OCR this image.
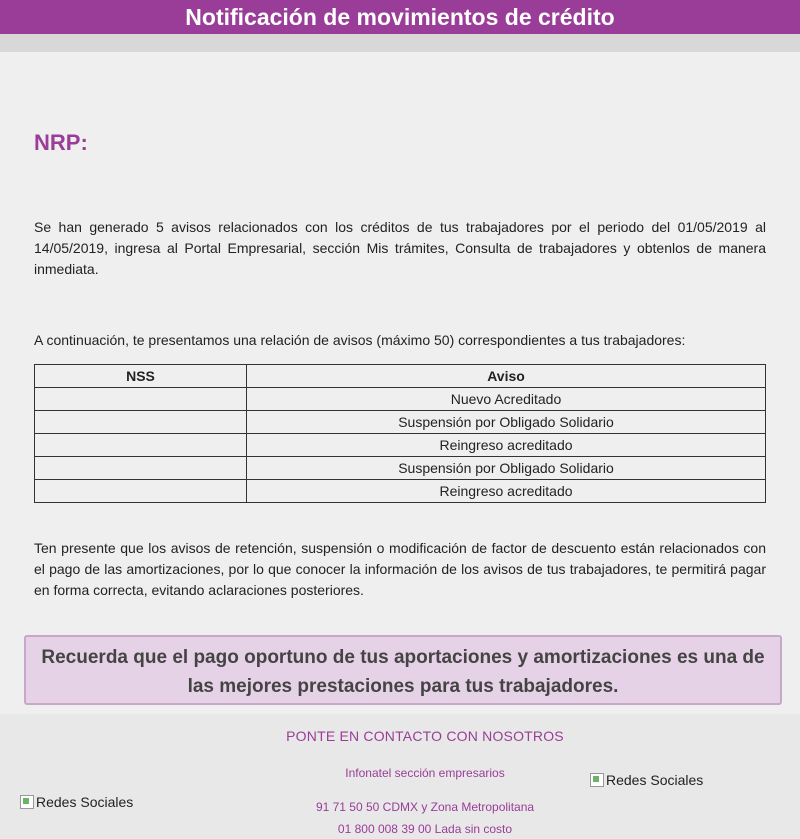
Notificación de movimientos de crédito
NRP:
Se han generado 5 avisos relacionados con los créditos de tus trabajadores por el periodo del 01/05/2019 al 14/05/2019, ingresa al Portal Empresarial, sección Mis trámites, Consulta de trabajadores y obtenlos de manera inmediata.
A continuación, te presentamos una relación de avisos (máximo 50) correspondientes a tus trabajadores:
NSS	Aviso
	Nuevo Acreditado
	Suspensión por Obligado Solidario
	Reingreso acreditado
	Suspensión por Obligado Solidario
	Reingreso acreditado
Ten presente que los avisos de retención, suspensión o modificación de factor de descuento están relacionados con el pago de las amortizaciones, por lo que conocer la información de los avisos de tus trabajadores, te permitirá pagar en forma correcta, evitando aclaraciones posteriores.
Recuerda que el pago oportuno de tus aportaciones y amortizaciones es una de
las mejores prestaciones para tus trabajadores.
PONTE EN CONTACTO CON NOSOTROS
Infonatel sección empresarios
91 71 50 50 CDMX y Zona Metropolitana
01 800 008 39 00 Lada sin costo
Redes Sociales
Redes Sociales
